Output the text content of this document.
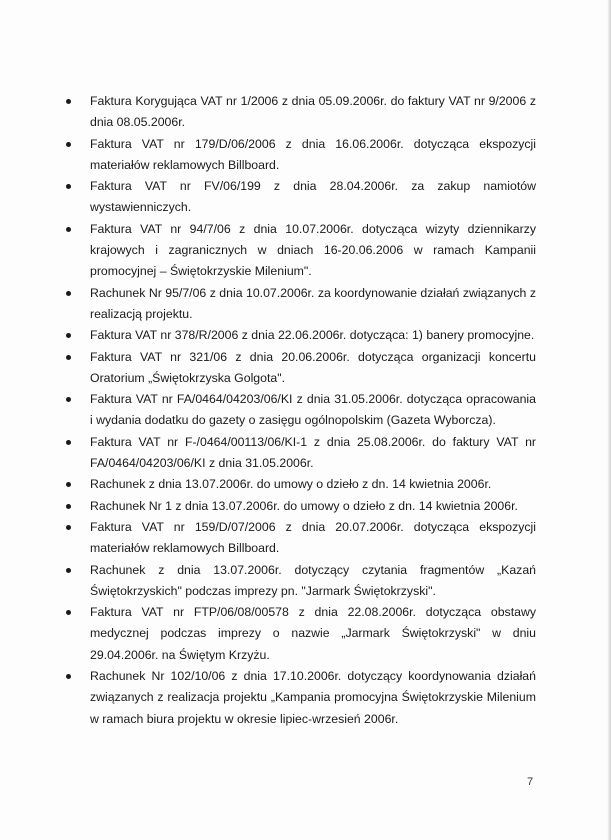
Faktura Korygująca VAT nr 1/2006 z dnia 05.09.2006r. do faktury VAT nr 9/2006 z dnia 08.05.2006r.
Faktura VAT nr 179/D/06/2006 z dnia 16.06.2006r. dotycząca ekspozycji materiałów reklamowych Billboard.
Faktura VAT nr FV/06/199 z dnia 28.04.2006r. za zakup namiotów wystawienniczych.
Faktura VAT nr 94/7/06 z dnia 10.07.2006r. dotycząca wizyty dziennikarzy krajowych i zagranicznych w dniach 16-20.06.2006 w ramach Kampanii promocyjnej – Świętokrzyskie Milenium".
Rachunek Nr 95/7/06 z dnia 10.07.2006r. za koordynowanie działań związanych z realizacją projektu.
Faktura VAT nr 378/R/2006 z dnia 22.06.2006r. dotycząca: 1) banery promocyjne.
Faktura VAT nr 321/06 z dnia 20.06.2006r. dotycząca organizacji koncertu Oratorium „Świętokrzyska Golgota".
Faktura VAT nr FA/0464/04203/06/KI z dnia 31.05.2006r. dotycząca opracowania i wydania dodatku do gazety o zasięgu ogólnopolskim (Gazeta Wyborcza).
Faktura VAT nr F-/0464/00113/06/KI-1 z dnia 25.08.2006r. do faktury VAT nr FA/0464/04203/06/KI z dnia 31.05.2006r.
Rachunek z dnia 13.07.2006r. do umowy o dzieło z dn. 14 kwietnia 2006r.
Rachunek Nr 1 z dnia 13.07.2006r. do umowy o dzieło z dn. 14 kwietnia 2006r.
Faktura VAT nr 159/D/07/2006 z dnia 20.07.2006r. dotycząca ekspozycji materiałów reklamowych Billboard.
Rachunek z dnia 13.07.2006r. dotyczący czytania fragmentów „Kazań Świętokrzyskich" podczas imprezy pn. "Jarmark Świętokrzyski".
Faktura VAT nr FTP/06/08/00578 z dnia 22.08.2006r. dotycząca obstawy medycznej podczas imprezy o nazwie „Jarmark Świętokrzyski" w dniu 29.04.2006r. na Świętym Krzyżu.
Rachunek Nr 102/10/06 z dnia 17.10.2006r. dotyczący koordynowania działań związanych z realizacja projektu „Kampania promocyjna Świętokrzyskie Milenium w ramach biura projektu w okresie lipiec-wrzesień 2006r.
7
